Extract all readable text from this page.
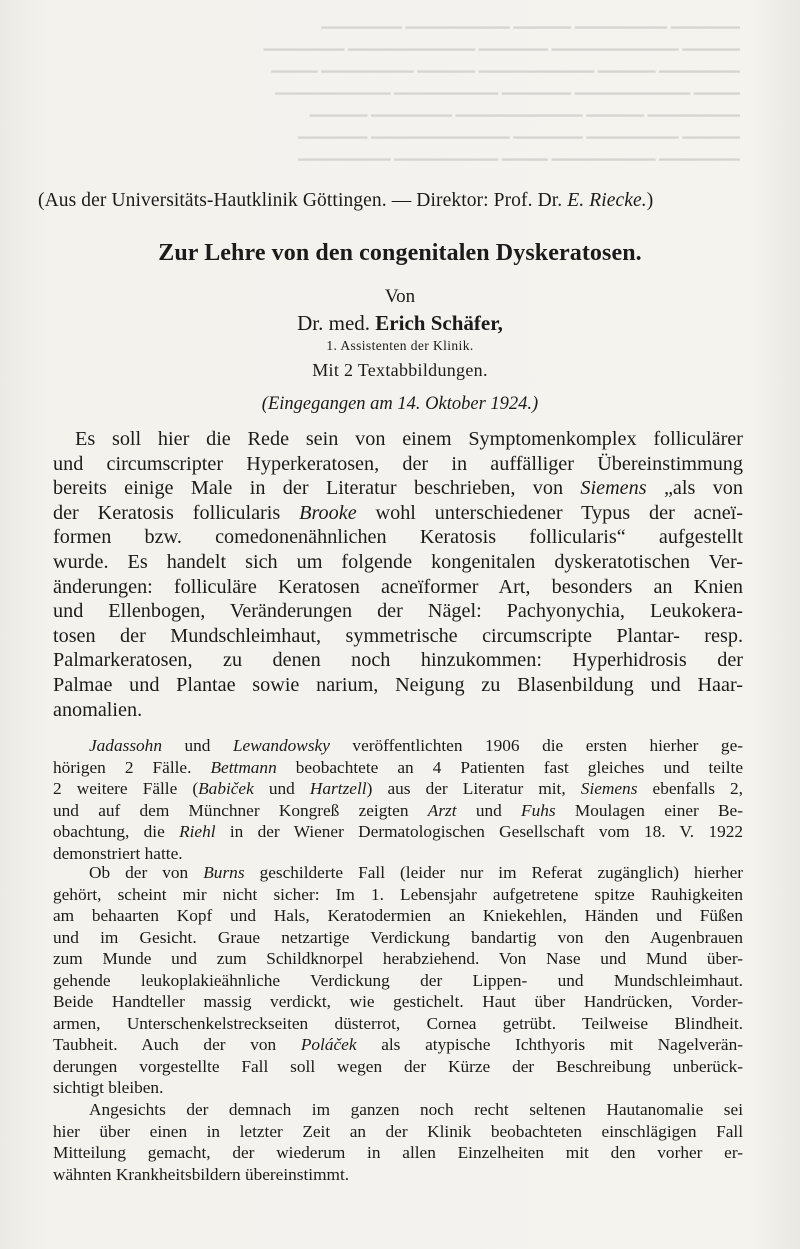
▁▁▁▁▁▁ ▁▁▁▁▁▁▁▁ ▁▁▁▁▁ ▁▁▁▁▁▁▁▁▁ ▁▁▁▁▁▁▁
▁▁▁▁▁ ▁▁▁▁▁▁▁▁▁▁▁ ▁▁▁▁▁▁ ▁▁▁▁▁▁▁▁▁▁▁ ▁▁▁▁▁▁▁
▁▁▁▁▁▁▁ ▁▁▁▁▁ ▁▁▁▁▁▁▁▁▁▁ ▁▁▁▁▁ ▁▁▁▁▁▁▁▁ ▁▁▁▁
▁▁▁▁ ▁▁▁▁▁▁▁▁▁▁ ▁▁▁▁▁▁ ▁▁▁▁▁▁▁▁▁ ▁▁▁▁▁▁▁▁▁▁
▁▁▁▁▁▁▁▁ ▁▁▁▁▁ ▁▁▁▁▁▁▁▁▁▁▁ ▁▁▁▁▁▁▁ ▁▁▁▁▁
▁▁▁▁▁ ▁▁▁▁▁▁▁▁ ▁▁▁▁▁▁ ▁▁▁▁▁▁▁▁▁▁▁▁ ▁▁▁▁▁▁
▁▁▁▁▁▁▁ ▁▁▁▁▁▁▁▁▁ ▁▁▁▁ ▁▁▁▁▁▁▁▁▁ ▁▁▁▁▁▁▁▁
(Aus der Universitäts-Hautklinik Göttingen. — Direktor: Prof. Dr. E. Riecke.)
Zur Lehre von den congenitalen Dyskeratosen.
Von
Dr. med. Erich Schäfer,
1. Assistenten der Klinik.
Mit 2 Textabbildungen.
(Eingegangen am 14. Oktober 1924.)
Es soll hier die Rede sein von einem Symptomenkomplex folliculärer
und circumscripter Hyperkeratosen, der in auffälliger Übereinstimmung
bereits einige Male in der Literatur beschrieben, von Siemens „als von
der Keratosis follicularis Brooke wohl unterschiedener Typus der acneï-
formen bzw. comedonenähnlichen Keratosis follicularis“ aufgestellt
wurde. Es handelt sich um folgende kongenitalen dyskeratotischen Ver-
änderungen: folliculäre Keratosen acneïformer Art, besonders an Knien
und Ellenbogen, Veränderungen der Nägel: Pachyonychia, Leukokera-
tosen der Mundschleimhaut, symmetrische circumscripte Plantar- resp.
Palmarkeratosen, zu denen noch hinzukommen: Hyperhidrosis der
Palmae und Plantae sowie narium, Neigung zu Blasenbildung und Haar-
anomalien.
Jadassohn und Lewandowsky veröffentlichten 1906 die ersten hierher ge-
hörigen 2 Fälle. Bettmann beobachtete an 4 Patienten fast gleiches und teilte
2 weitere Fälle (Babiček und Hartzell) aus der Literatur mit, Siemens ebenfalls 2,
und auf dem Münchner Kongreß zeigten Arzt und Fuhs Moulagen einer Be-
obachtung, die Riehl in der Wiener Dermatologischen Gesellschaft vom 18. V. 1922
demonstriert hatte.
Ob der von Burns geschilderte Fall (leider nur im Referat zugänglich) hierher
gehört, scheint mir nicht sicher: Im 1. Lebensjahr aufgetretene spitze Rauhigkeiten
am behaarten Kopf und Hals, Keratodermien an Kniekehlen, Händen und Füßen
und im Gesicht. Graue netzartige Verdickung bandartig von den Augenbrauen
zum Munde und zum Schildknorpel herabziehend. Von Nase und Mund über-
gehende leukoplakieähnliche Verdickung der Lippen- und Mundschleimhaut.
Beide Handteller massig verdickt, wie gestichelt. Haut über Handrücken, Vorder-
armen, Unterschenkelstreckseiten düsterrot, Cornea getrübt. Teilweise Blindheit.
Taubheit. Auch der von Poláček als atypische Ichthyoris mit Nagelverän-
derungen vorgestellte Fall soll wegen der Kürze der Beschreibung unberück-
sichtigt bleiben.
Angesichts der demnach im ganzen noch recht seltenen Hautanomalie sei
hier über einen in letzter Zeit an der Klinik beobachteten einschlägigen Fall
Mitteilung gemacht, der wiederum in allen Einzelheiten mit den vorher er-
wähnten Krankheitsbildern übereinstimmt.
